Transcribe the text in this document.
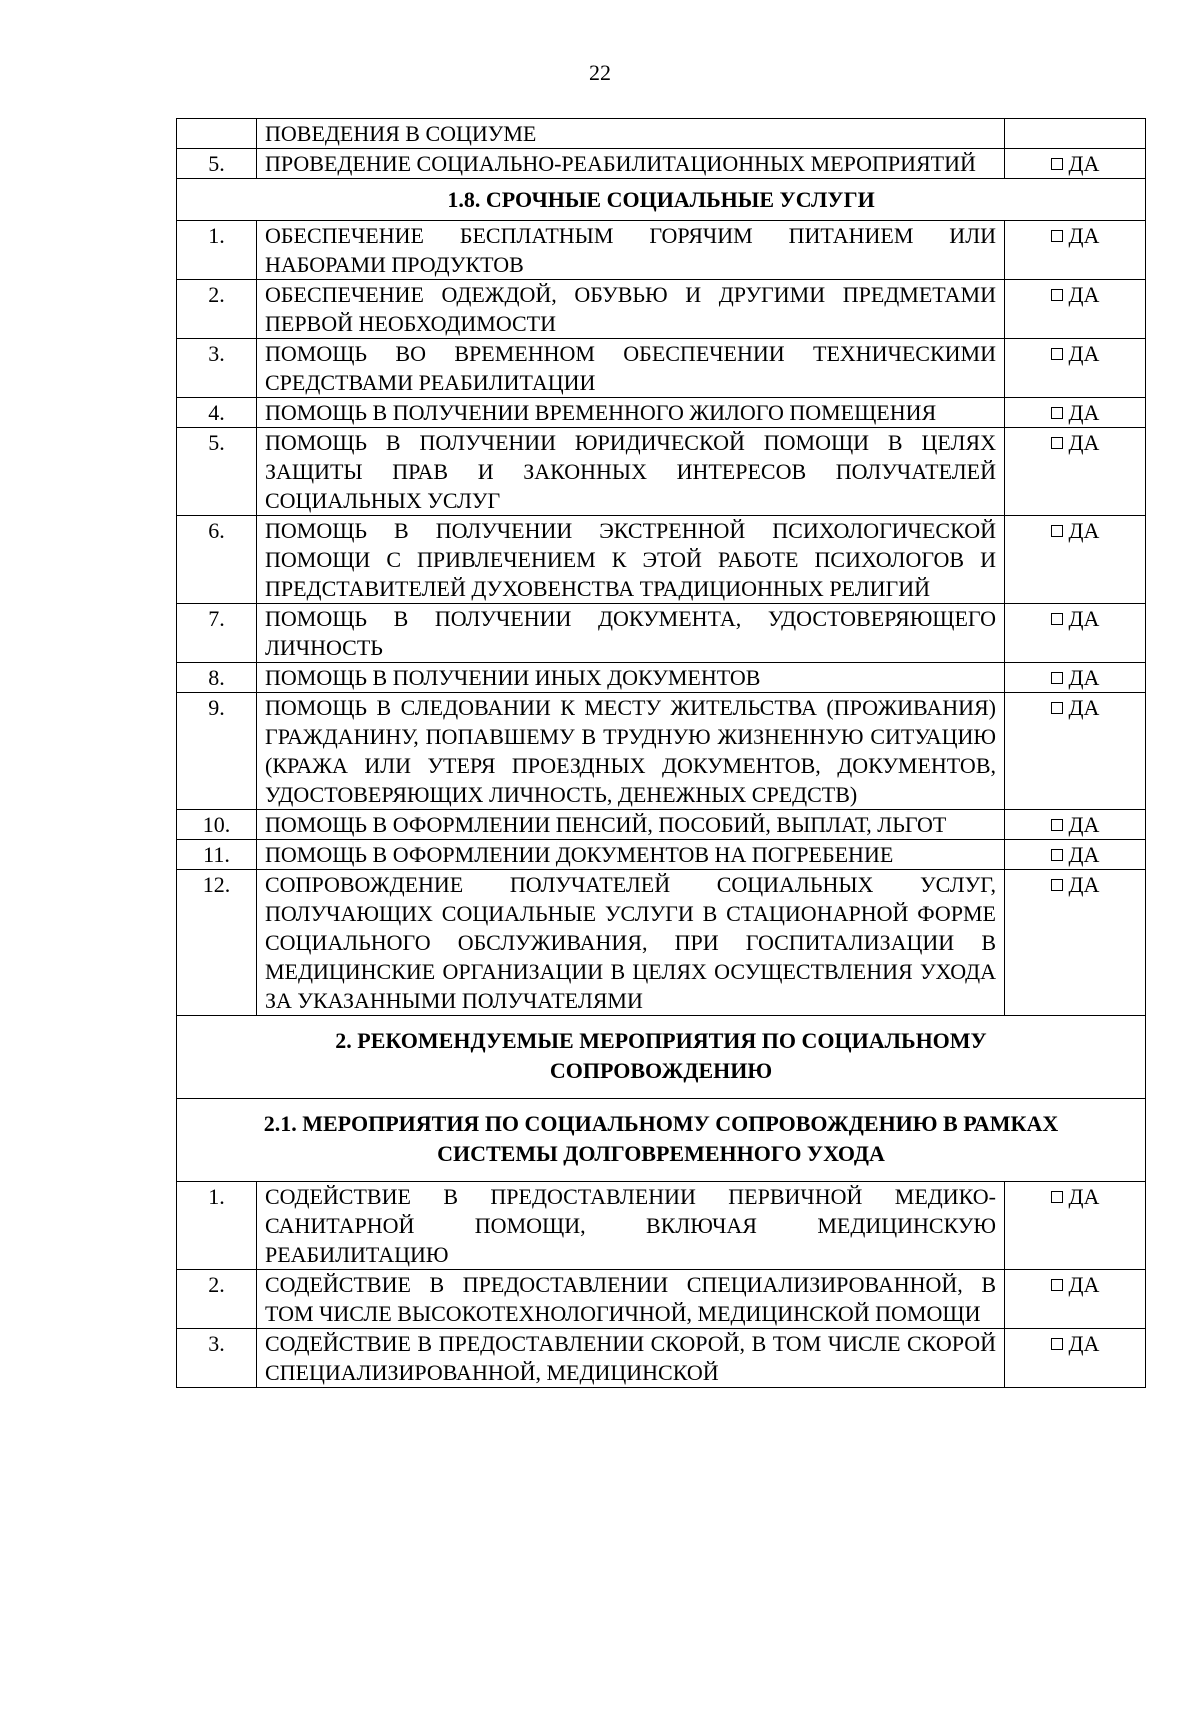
22
	ПОВЕДЕНИЯ В СОЦИУМЕ	
5.	ПРОВЕДЕНИЕ СОЦИАЛЬНО-РЕАБИЛИТАЦИОННЫХ МЕРОПРИЯТИЙ	ДА
1.8. СРОЧНЫЕ СОЦИАЛЬНЫЕ УСЛУГИ		
1.	ОБЕСПЕЧЕНИЕ БЕСПЛАТНЫМ ГОРЯЧИМ ПИТАНИЕМ ИЛИ НАБОРАМИ ПРОДУКТОВ	ДА
2.	ОБЕСПЕЧЕНИЕ ОДЕЖДОЙ, ОБУВЬЮ И ДРУГИМИ ПРЕДМЕТАМИ ПЕРВОЙ НЕОБХОДИМОСТИ	ДА
3.	ПОМОЩЬ ВО ВРЕМЕННОМ ОБЕСПЕЧЕНИИ ТЕХНИЧЕСКИМИ СРЕДСТВАМИ РЕАБИЛИТАЦИИ	ДА
4.	ПОМОЩЬ В ПОЛУЧЕНИИ ВРЕМЕННОГО ЖИЛОГО ПОМЕЩЕНИЯ	ДА
5.	ПОМОЩЬ В ПОЛУЧЕНИИ ЮРИДИЧЕСКОЙ ПОМОЩИ В ЦЕЛЯХ ЗАЩИТЫ ПРАВ И ЗАКОННЫХ ИНТЕРЕСОВ ПОЛУЧАТЕЛЕЙ СОЦИАЛЬНЫХ УСЛУГ	ДА
6.	ПОМОЩЬ В ПОЛУЧЕНИИ ЭКСТРЕННОЙ ПСИХОЛОГИЧЕСКОЙ ПОМОЩИ С ПРИВЛЕЧЕНИЕМ К ЭТОЙ РАБОТЕ ПСИХОЛОГОВ И ПРЕДСТАВИТЕЛЕЙ ДУХОВЕНСТВА ТРАДИЦИОННЫХ РЕЛИГИЙ	ДА
7.	ПОМОЩЬ В ПОЛУЧЕНИИ ДОКУМЕНТА, УДОСТОВЕРЯЮЩЕГО ЛИЧНОСТЬ	ДА
8.	ПОМОЩЬ В ПОЛУЧЕНИИ ИНЫХ ДОКУМЕНТОВ	ДА
9.	ПОМОЩЬ В СЛЕДОВАНИИ К МЕСТУ ЖИТЕЛЬСТВА (ПРОЖИВАНИЯ) ГРАЖДАНИНУ, ПОПАВШЕМУ В ТРУДНУЮ ЖИЗНЕННУЮ СИТУАЦИЮ (КРАЖА ИЛИ УТЕРЯ ПРОЕЗДНЫХ ДОКУМЕНТОВ, ДОКУМЕНТОВ, УДОСТОВЕРЯЮЩИХ ЛИЧНОСТЬ, ДЕНЕЖНЫХ СРЕДСТВ)	ДА
10.	ПОМОЩЬ В ОФОРМЛЕНИИ ПЕНСИЙ, ПОСОБИЙ, ВЫПЛАТ, ЛЬГОТ	ДА
11.	ПОМОЩЬ В ОФОРМЛЕНИИ ДОКУМЕНТОВ НА ПОГРЕБЕНИЕ	ДА
12.	СОПРОВОЖДЕНИЕ ПОЛУЧАТЕЛЕЙ СОЦИАЛЬНЫХ УСЛУГ, ПОЛУЧАЮЩИХ СОЦИАЛЬНЫЕ УСЛУГИ В СТАЦИОНАРНОЙ ФОРМЕ СОЦИАЛЬНОГО ОБСЛУЖИВАНИЯ, ПРИ ГОСПИТАЛИЗАЦИИ В МЕДИЦИНСКИЕ ОРГАНИЗАЦИИ В ЦЕЛЯХ ОСУЩЕСТВЛЕНИЯ УХОДА ЗА УКАЗАННЫМИ ПОЛУЧАТЕЛЯМИ	ДА

2. РЕКОМЕНДУЕМЫЕ МЕРОПРИЯТИЯ ПО СОЦИАЛЬНОМУ
СОПРОВОЖДЕНИЮ		

2.1. МЕРОПРИЯТИЯ ПО СОЦИАЛЬНОМУ СОПРОВОЖДЕНИЮ В РАМКАХ
СИСТЕМЫ ДОЛГОВРЕМЕННОГО УХОДА		

1.	СОДЕЙСТВИЕ В ПРЕДОСТАВЛЕНИИ ПЕРВИЧНОЙ МЕДИКО-САНИТАРНОЙ ПОМОЩИ, ВКЛЮЧАЯ МЕДИЦИНСКУЮ РЕАБИЛИТАЦИЮ	ДА
2.	СОДЕЙСТВИЕ В ПРЕДОСТАВЛЕНИИ СПЕЦИАЛИЗИРОВАННОЙ, В ТОМ ЧИСЛЕ ВЫСОКОТЕХНОЛОГИЧНОЙ, МЕДИЦИНСКОЙ ПОМОЩИ	ДА
3.	СОДЕЙСТВИЕ В ПРЕДОСТАВЛЕНИИ СКОРОЙ, В ТОМ ЧИСЛЕ СКОРОЙ СПЕЦИАЛИЗИРОВАННОЙ, МЕДИЦИНСКОЙ	ДА
